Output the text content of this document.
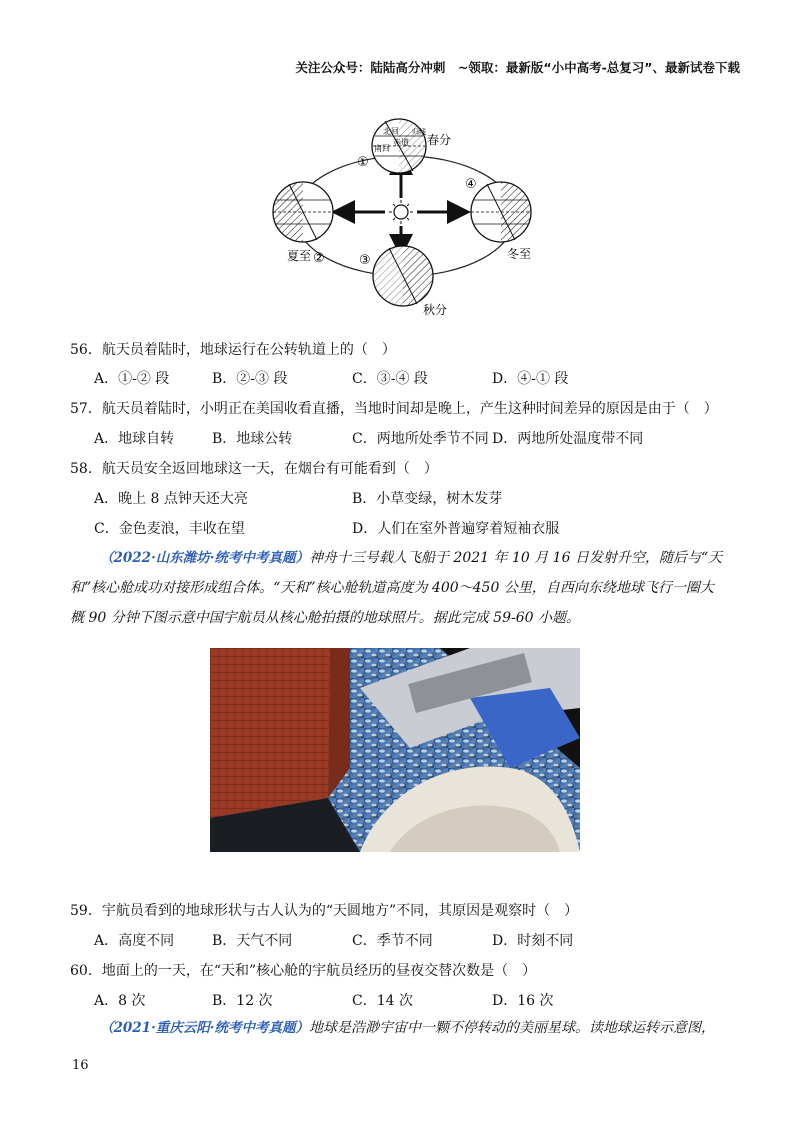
关注公众号：陆陆高分冲刺　~领取：最新版“小中高考-总复习”、最新试卷下载
北回
南回
赤道
归线
春分
①
夏至 ②	冬至
④
③
秋分
56．航天员着陆时，地球运行在公转轨道上的（　）
A．①-② 段	B．②-③ 段	C．③-④ 段	D．④-① 段
57．航天员着陆时，小明正在美国收看直播，当地时间却是晚上，产生这种时间差异的原因是由于（　）
A．地球自转	B．地球公转	C．两地所处季节不同 D．两地所处温度带不同
58．航天员安全返回地球这一天，在烟台有可能看到（　）
A．晚上 8 点钟天还大亮	B．小草变绿，树木发芽
C．金色麦浪，丰收在望	D．人们在室外普遍穿着短袖衣服
（2022·山东潍坊·统考中考真题）神舟十三号载人飞船于 2021 年 10 月 16 日发射升空，随后与“天
和”核心舱成功对接形成组合体。“天和”核心舱轨道高度为 400～450 公里，自西向东绕地球飞行一圈大
概 90 分钟下图示意中国宇航员从核心舱拍摄的地球照片。据此完成 59-60 小题。
59．宇航员看到的地球形状与古人认为的“天圆地方”不同，其原因是观察时（　）
A．高度不同	B．天气不同	C．季节不同	D．时刻不同
60．地面上的一天，在“天和”核心舱的宇航员经历的昼夜交替次数是（　）
A．8 次	B．12 次	C．14 次	D．16 次
（2021·重庆云阳·统考中考真题）地球是浩渺宇宙中一颗不停转动的美丽星球。读地球运转示意图，
16
